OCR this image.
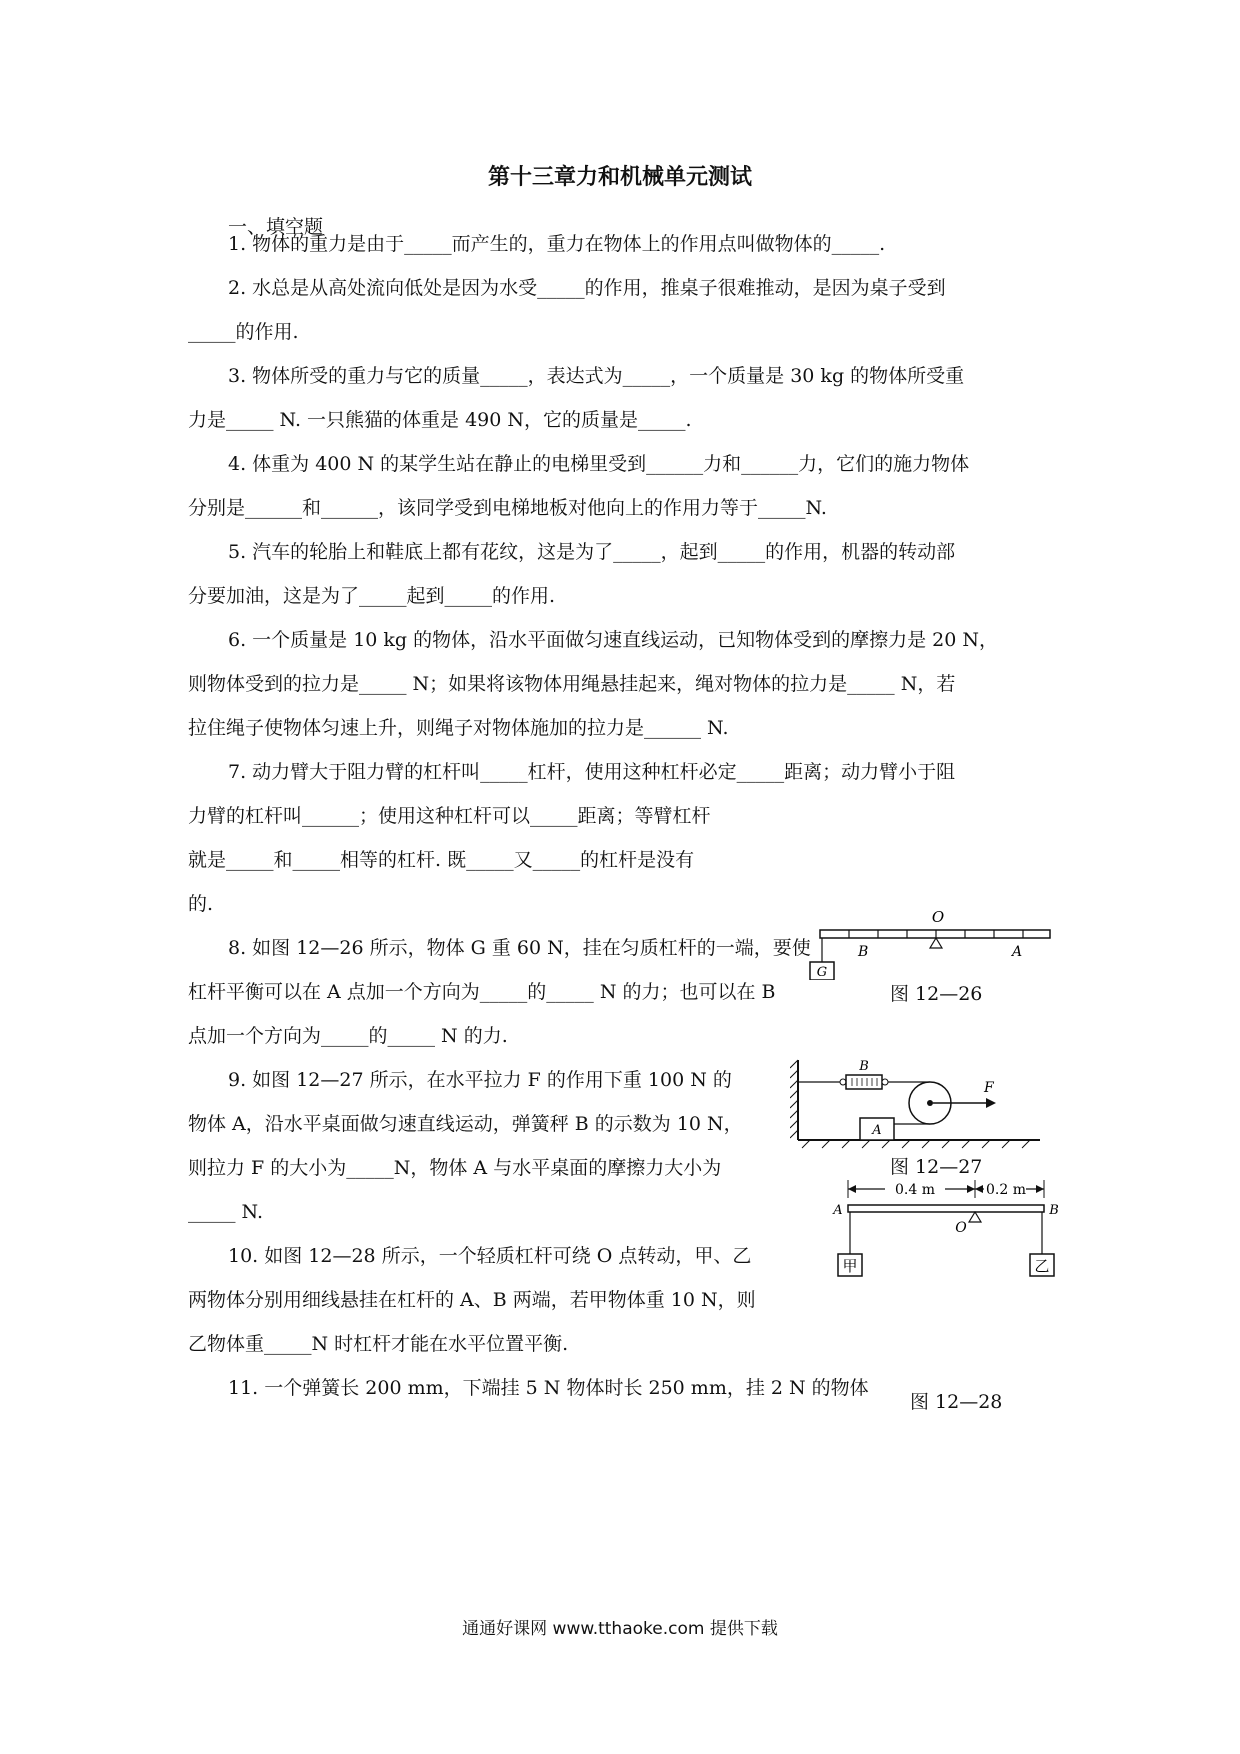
第十三章力和机械单元测试
一、填空题
1. 物体的重力是由于_____而产生的，重力在物体上的作用点叫做物体的_____.
2. 水总是从高处流向低处是因为水受_____的作用，推桌子很难推动，是因为桌子受到
_____的作用.
3. 物体所受的重力与它的质量_____，表达式为_____，一个质量是 30 kg 的物体所受重
力是_____ N. 一只熊猫的体重是 490 N，它的质量是_____.
4. 体重为 400 N 的某学生站在静止的电梯里受到______力和______力，它们的施力物体
分别是______和______，该同学受到电梯地板对他向上的作用力等于_____N.
5. 汽车的轮胎上和鞋底上都有花纹，这是为了_____，起到_____的作用，机器的转动部
分要加油，这是为了_____起到_____的作用.
6. 一个质量是 10 kg 的物体，沿水平面做匀速直线运动，已知物体受到的摩擦力是 20 N，
则物体受到的拉力是_____ N；如果将该物体用绳悬挂起来，绳对物体的拉力是_____ N，若
拉住绳子使物体匀速上升，则绳子对物体施加的拉力是______ N.
7. 动力臂大于阻力臂的杠杆叫_____杠杆，使用这种杠杆必定_____距离；动力臂小于阻
力臂的杠杆叫______；使用这种杠杆可以_____距离；等臂杠杆
就是_____和_____相等的杠杆. 既_____又_____的杠杆是没有
的.
8. 如图 12—26 所示，物体 G 重 60 N，挂在匀质杠杆的一端，要使
杠杆平衡可以在 A 点加一个方向为_____的_____ N 的力；也可以在 B
点加一个方向为_____的_____ N 的力.
9. 如图 12—27 所示，在水平拉力 F 的作用下重 100 N 的
物体 A，沿水平桌面做匀速直线运动，弹簧秤 B 的示数为 10 N，
则拉力 F 的大小为_____N，物体 A 与水平桌面的摩擦力大小为
_____ N.
10. 如图 12—28 所示，一个轻质杠杆可绕 O 点转动，甲、乙
两物体分别用细线悬挂在杠杆的 A、B 两端，若甲物体重 10 N，则
乙物体重_____N 时杠杆才能在水平位置平衡.
11. 一个弹簧长 200 mm，下端挂 5 N 物体时长 250 mm，挂 2 N 的物体
G
O
B	A
图 12—26
B
A
F
图 12—27
0.4 m	0.2 m
A	B
O
甲	乙
图 12—28
通通好课网 www.tthaoke.com 提供下载
